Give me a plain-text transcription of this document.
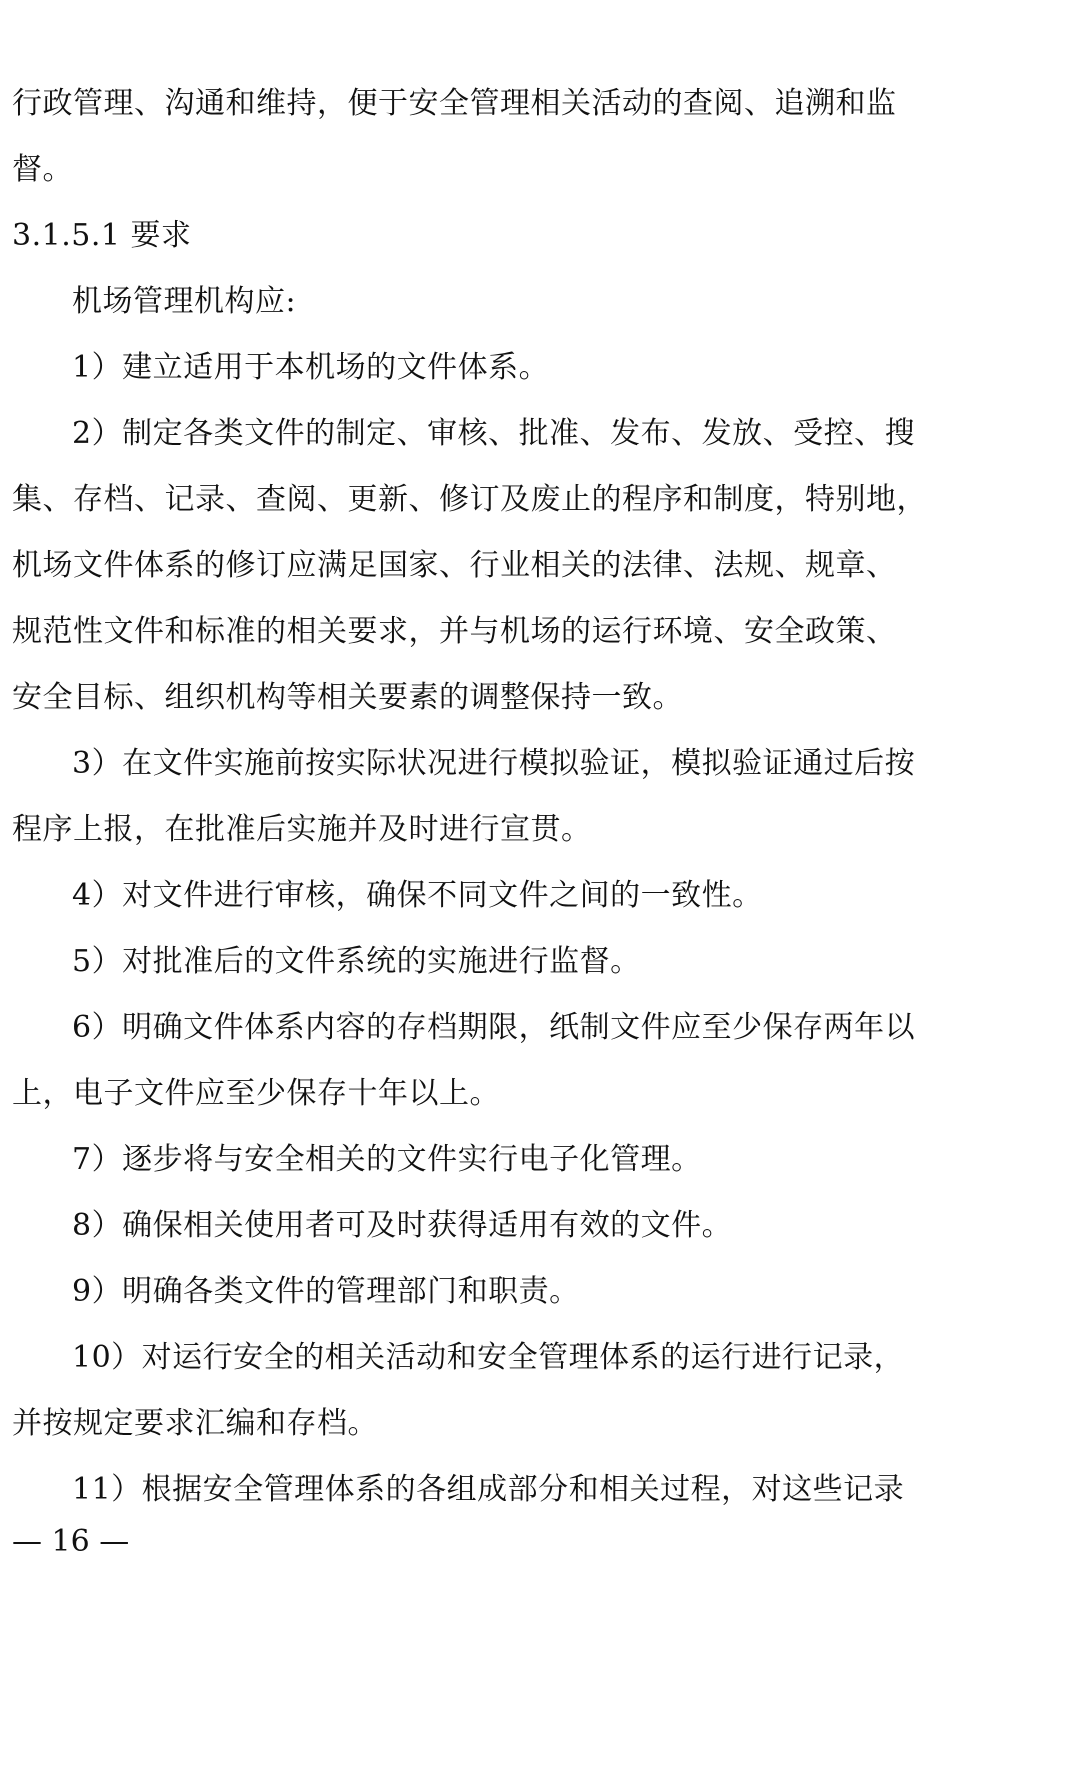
行政管理、沟通和维持，便于安全管理相关活动的查阅、追溯和监
督。
3.1.5.1 要求
机场管理机构应:
1）建立适用于本机场的文件体系。
2）制定各类文件的制定、审核、批准、发布、发放、受控、搜
集、存档、记录、查阅、更新、修订及废止的程序和制度，特别地，
机场文件体系的修订应满足国家、行业相关的法律、法规、规章、
规范性文件和标准的相关要求，并与机场的运行环境、安全政策、
安全目标、组织机构等相关要素的调整保持一致。
3）在文件实施前按实际状况进行模拟验证，模拟验证通过后按
程序上报，在批准后实施并及时进行宣贯。
4）对文件进行审核，确保不同文件之间的一致性。
5）对批准后的文件系统的实施进行监督。
6）明确文件体系内容的存档期限，纸制文件应至少保存两年以
上，电子文件应至少保存十年以上。
7）逐步将与安全相关的文件实行电子化管理。
8）确保相关使用者可及时获得适用有效的文件。
9）明确各类文件的管理部门和职责。
10）对运行安全的相关活动和安全管理体系的运行进行记录，
并按规定要求汇编和存档。
11）根据安全管理体系的各组成部分和相关过程，对这些记录
— 16 —
